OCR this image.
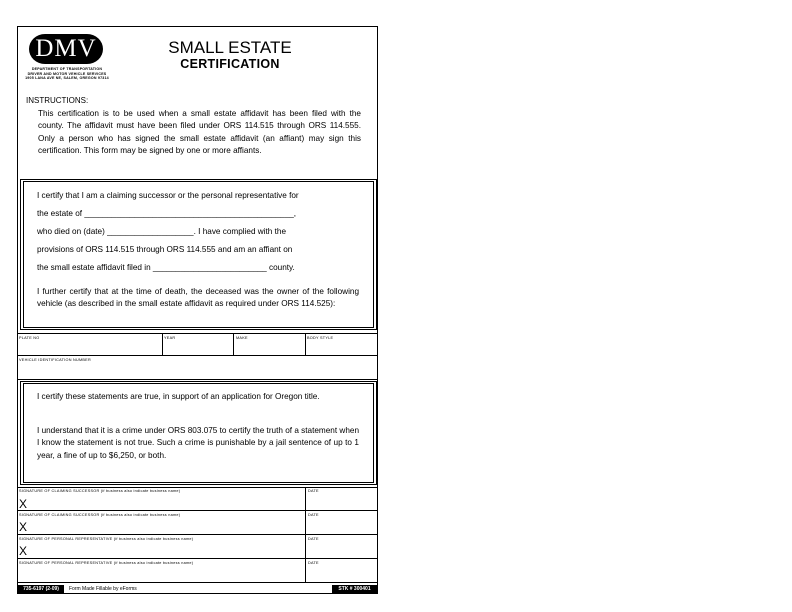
DMV
DEPARTMENT OF TRANSPORTATION
DRIVER AND MOTOR VEHICLE SERVICES
1905 LANA AVE NE, SALEM, OREGON 97314
SMALL ESTATE
CERTIFICATION
INSTRUCTIONS:
This certification is to be used when a small estate affidavit has been filed with the county. The affidavit must have been filed under ORS 114.515 through ORS 114.555. Only a person who has signed the small estate affidavit (an affiant) may sign this certification. This form may be signed by one or more affiants.
I certify that I am a claiming successor or the personal representative for
the estate of ______________________________________________,
who died on (date) ___________________. I have complied with the
provisions of ORS 114.515 through ORS 114.555 and am an affiant on
the small estate affidavit filed in _________________________ county.
I further certify that at the time of death, the deceased was the owner of the following vehicle (as described in the small estate affidavit as required under ORS 114.525):
PLATE NO	YEAR	MAKE	BODY STYLE
VEHICLE IDENTIFICATION NUMBER
I certify these statements are true, in support of an application for Oregon title.
I understand that it is a crime under ORS 803.075 to certify the truth of a statement when I know the statement is not true. Such a crime is punishable by a jail sentence of up to 1 year, a fine of up to $6,250, or both.
SIGNATURE OF CLAIMING SUCCESSOR (if business also indicate business name)	DATE
X
SIGNATURE OF CLAIMING SUCCESSOR (if business also indicate business name)	DATE
X
SIGNATURE OF PERSONAL REPRESENTATIVE (if business also indicate business name)	DATE
X
SIGNATURE OF PERSONAL REPRESENTATIVE (if business also indicate business name)	DATE
735-6197 (2-09)	Form Made Fillable by eForms	STK # 300401
